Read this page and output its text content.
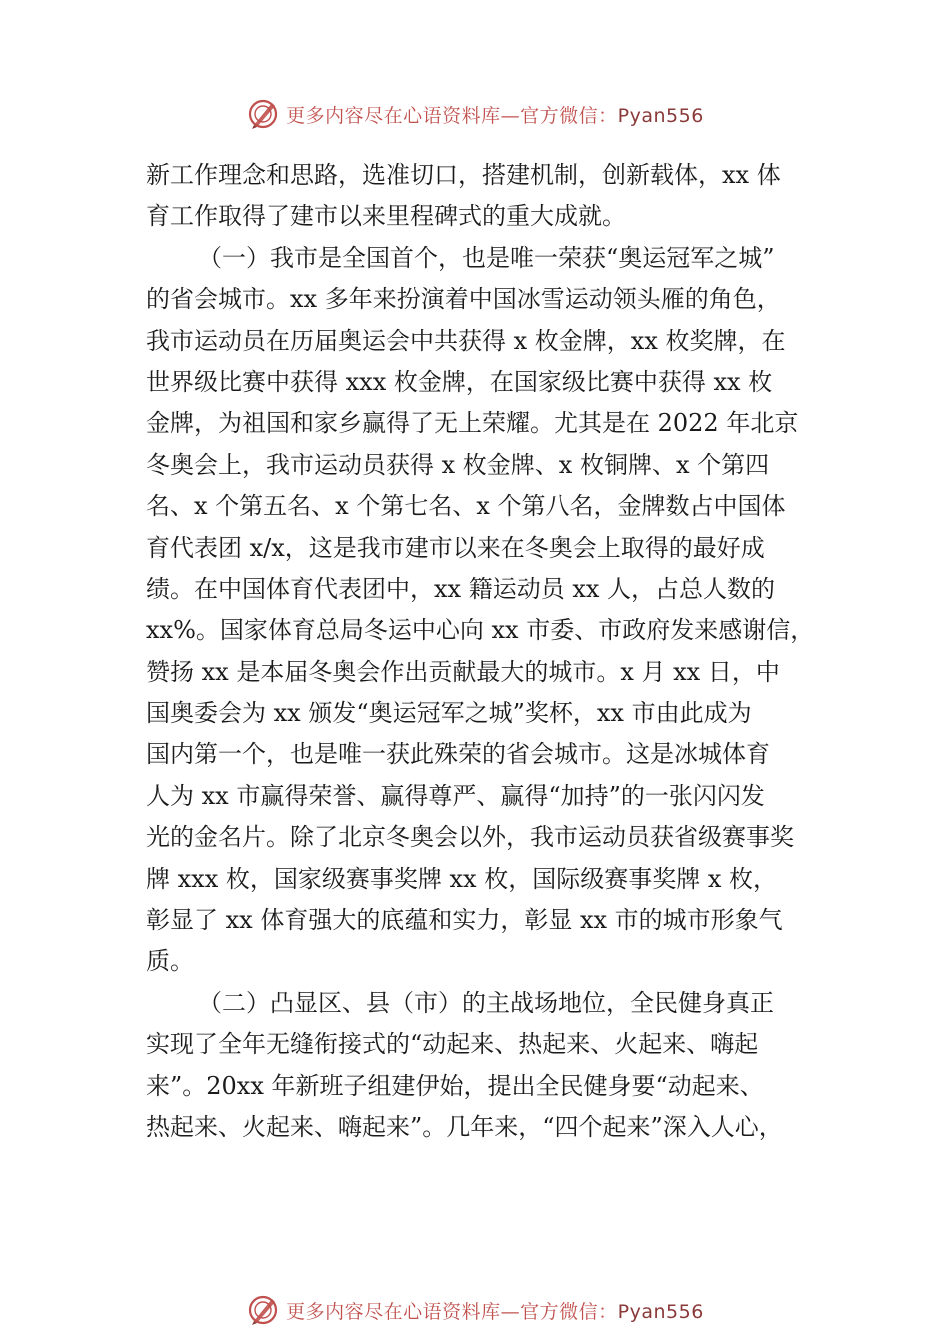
更多内容尽在心语资料库—官方微信：Pyan556
新工作理念和思路，选准切口，搭建机制，创新载体，xx 体
育工作取得了建市以来里程碑式的重大成就。
（一）我市是全国首个，也是唯一荣获“奥运冠军之城”
的省会城市。xx 多年来扮演着中国冰雪运动领头雁的角色，
我市运动员在历届奥运会中共获得 x 枚金牌，xx 枚奖牌，在
世界级比赛中获得 xxx 枚金牌，在国家级比赛中获得 xx 枚
金牌，为祖国和家乡赢得了无上荣耀。尤其是在 2022 年北京
冬奥会上，我市运动员获得 x 枚金牌、x 枚铜牌、x 个第四
名、x 个第五名、x 个第七名、x 个第八名，金牌数占中国体
育代表团 x/x，这是我市建市以来在冬奥会上取得的最好成
绩。在中国体育代表团中，xx 籍运动员 xx 人，占总人数的
xx%。国家体育总局冬运中心向 xx 市委、市政府发来感谢信，
赞扬 xx 是本届冬奥会作出贡献最大的城市。x 月 xx 日，中
国奥委会为 xx 颁发“奥运冠军之城”奖杯，xx 市由此成为
国内第一个，也是唯一获此殊荣的省会城市。这是冰城体育
人为 xx 市赢得荣誉、赢得尊严、赢得“加持”的一张闪闪发
光的金名片。除了北京冬奥会以外，我市运动员获省级赛事奖
牌 xxx 枚，国家级赛事奖牌 xx 枚，国际级赛事奖牌 x 枚，
彰显了 xx 体育强大的底蕴和实力，彰显 xx 市的城市形象气
质。
（二）凸显区、县（市）的主战场地位，全民健身真正
实现了全年无缝衔接式的“动起来、热起来、火起来、嗨起
来”。20xx 年新班子组建伊始，提出全民健身要“动起来、
热起来、火起来、嗨起来”。几年来，“四个起来”深入人心，
更多内容尽在心语资料库—官方微信：Pyan556
